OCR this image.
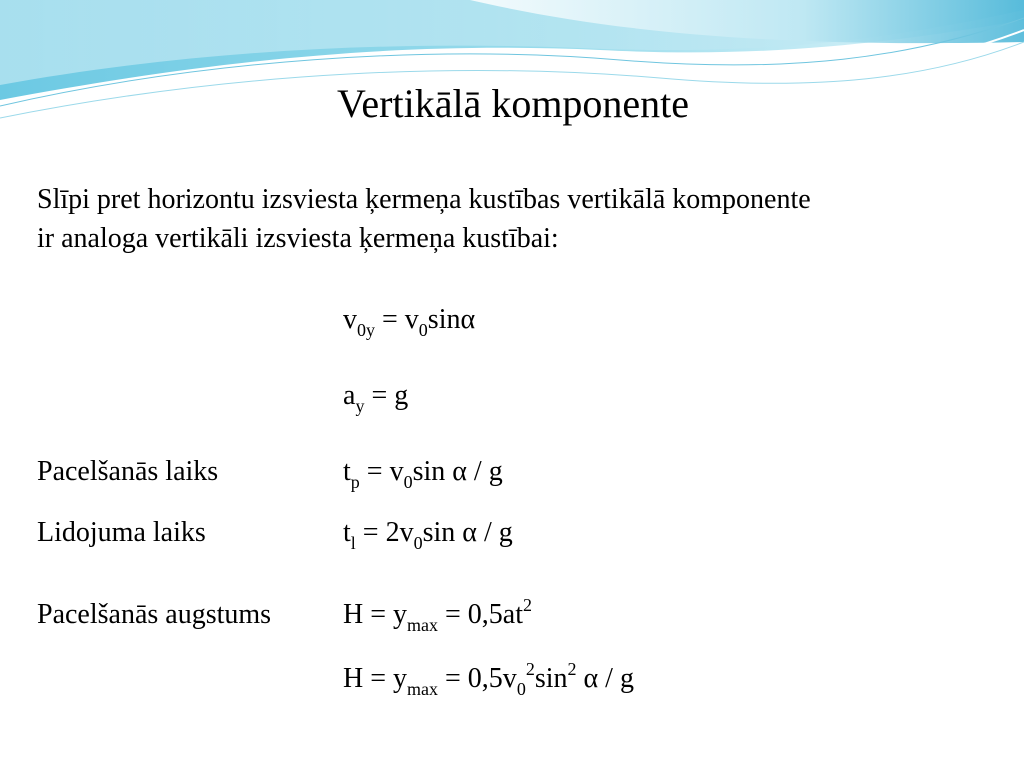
Vertikālā komponente
Slīpi pret horizontu izsviesta ķermeņa kustības vertikālā komponente
ir analoga vertikāli izsviesta ķermeņa kustībai:
$v_{0y} = v_0\sin\alpha$
$a_y = g$
Pacelšanās laiks	$t_p = v_0\sin$ α / g
Lidojuma laiks	$t_l = 2v_0\sin$ α / g
Pacelšanās augstums	$H = y_{max} = 0,5at^2$
$H = y_{max} = 0,5v_0^2\sin^2$ α / g
